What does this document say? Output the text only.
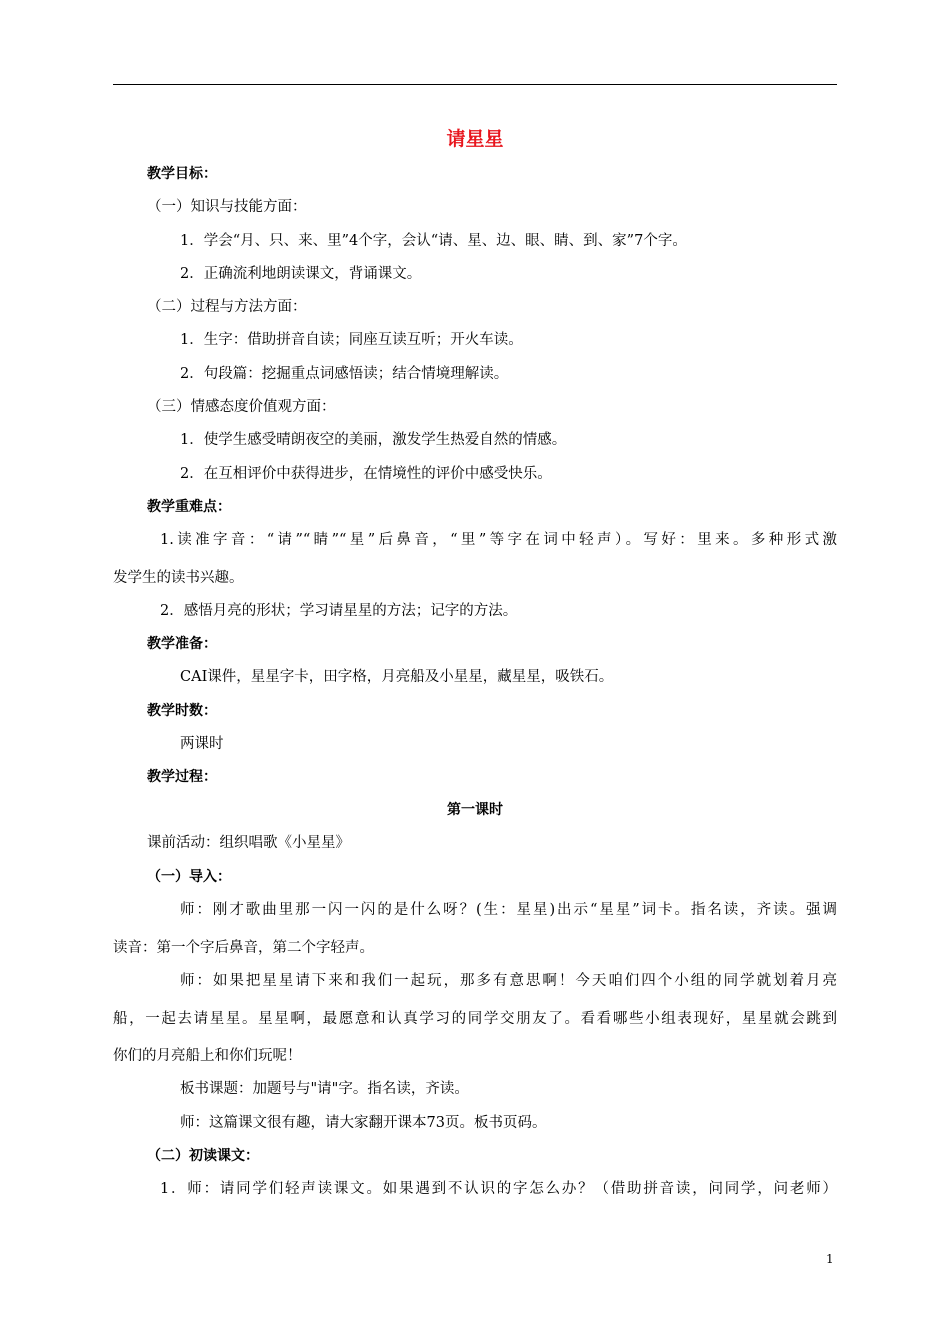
请星星
教学目标：
（一）知识与技能方面：
1．学会“月、只、来、里”4个字，会认“请、星、边、眼、睛、到、家”7个字。
2．正确流利地朗读课文，背诵课文。
（二）过程与方法方面：
1．生字：借助拼音自读；同座互读互听；开火车读。
2．句段篇：挖掘重点词感悟读；结合情境理解读。
（三）情感态度价值观方面：
1．使学生感受晴朗夜空的美丽，激发学生热爱自然的情感。
2．在互相评价中获得进步，在情境性的评价中感受快乐。
教学重难点：
1.读准字音：“请”“睛”“星”后鼻音，“里”等字在词中轻声）。写好：里来。多种形式激
发学生的读书兴趣。
2．感悟月亮的形状；学习请星星的方法；记字的方法。
教学准备：
CAI课件，星星字卡，田字格，月亮船及小星星，藏星星，吸铁石。
教学时数：
两课时
教学过程：
第一课时
课前活动：组织唱歌《小星星》
（一）导入：
师：刚才歌曲里那一闪一闪的是什么呀？(生：星星)出示“星星”词卡。指名读，齐读。强调
读音：第一个字后鼻音，第二个字轻声。
师：如果把星星请下来和我们一起玩，那多有意思啊！今天咱们四个小组的同学就划着月亮
船，一起去请星星。星星啊，最愿意和认真学习的同学交朋友了。看看哪些小组表现好，星星就会跳到
你们的月亮船上和你们玩呢！
板书课题：加题号与"请"字。指名读，齐读。
师：这篇课文很有趣，请大家翻开课本73页。板书页码。
（二）初读课文：
1．师：请同学们轻声读课文。如果遇到不认识的字怎么办？（借助拼音读，问同学，问老师）
1
